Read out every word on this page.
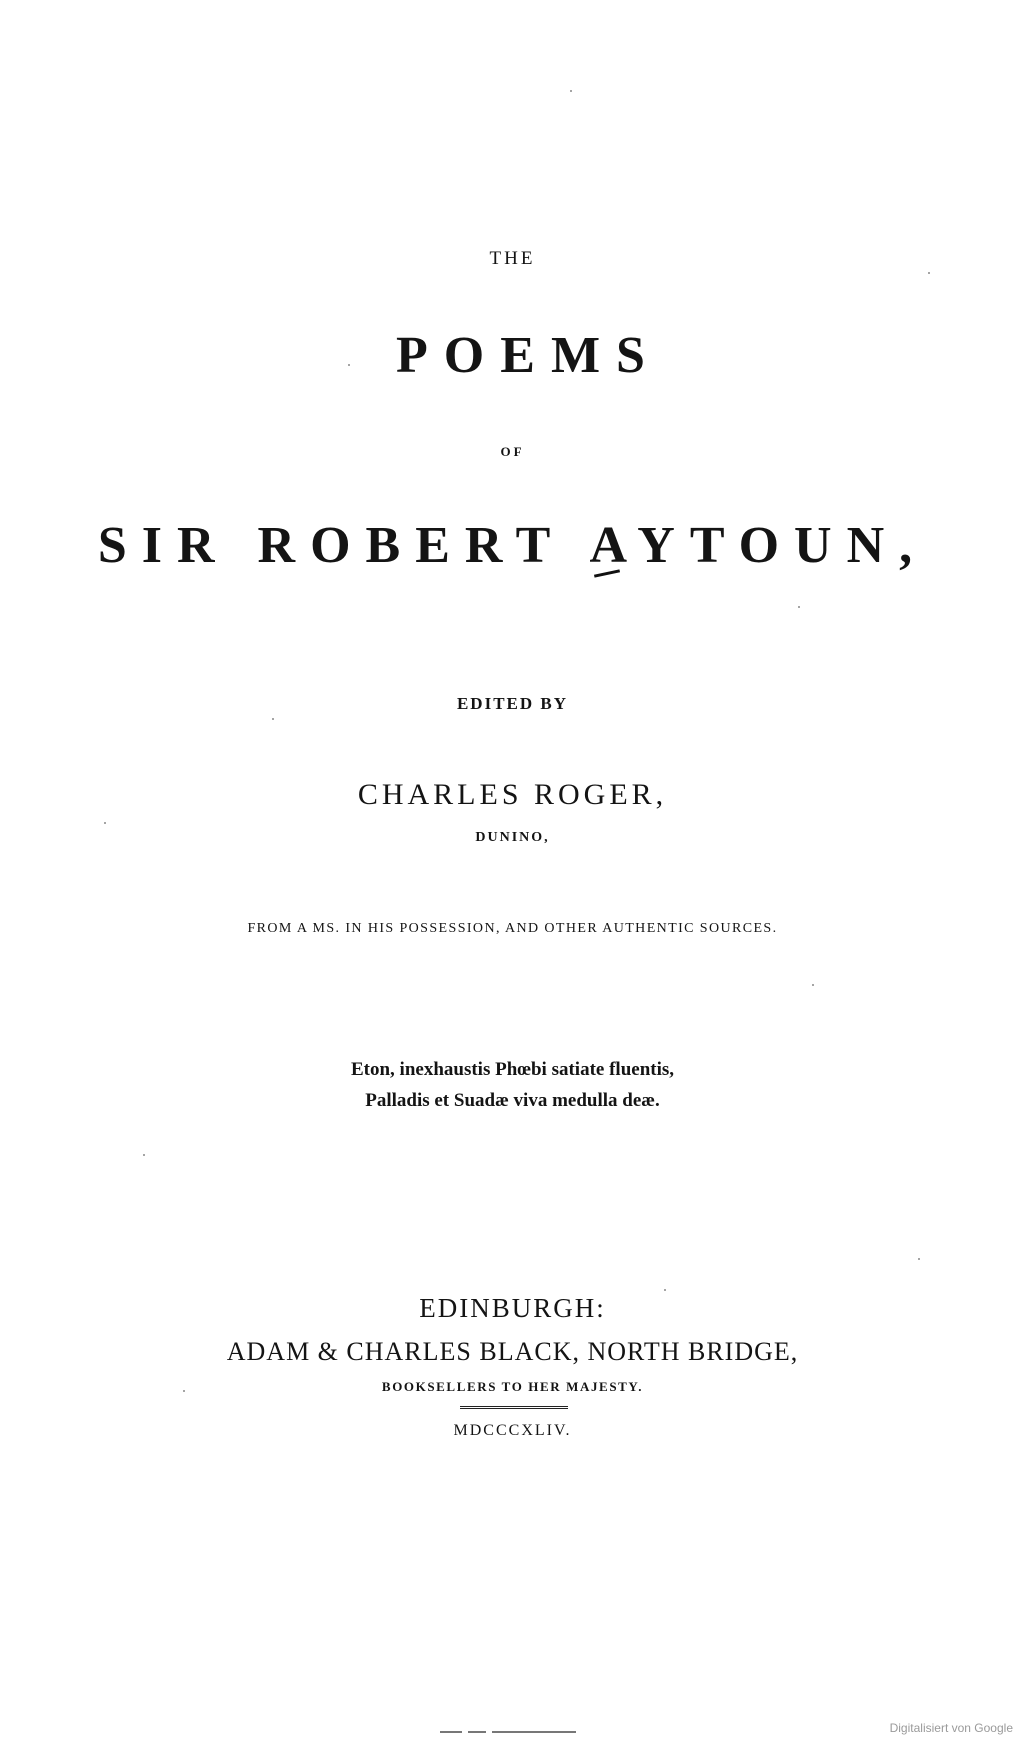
THE
POEMS
OF
SIR ROBERT AYTOUN,
EDITED BY
CHARLES ROGER,
DUNINO,
FROM A MS. IN HIS POSSESSION, AND OTHER AUTHENTIC SOURCES.
Eton, inexhaustis Phœbi satiate fluentis,
Palladis et Suadæ viva medulla deæ.
EDINBURGH:
ADAM & CHARLES BLACK, NORTH BRIDGE,
BOOKSELLERS TO HER MAJESTY.
MDCCCXLIV.
Digitalisiert von Google
